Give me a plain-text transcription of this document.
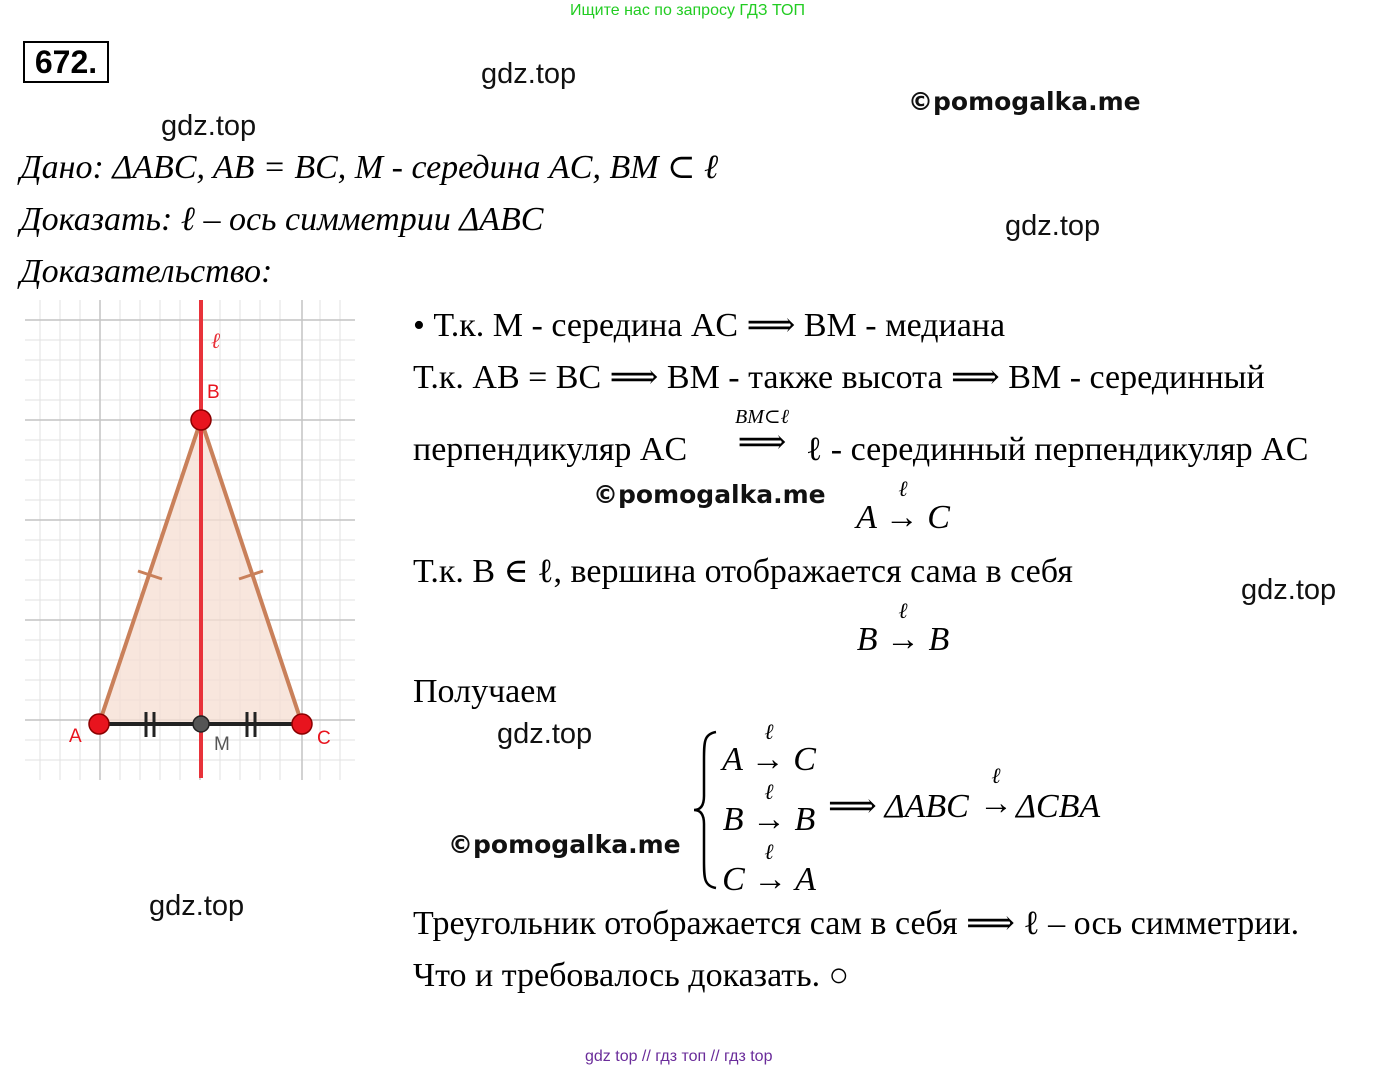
Ищите нас по запросу ГДЗ ТОП
672.	gdz.top
gdz.top
©pomogalka.me
gdz.top
©pomogalka.me
gdz.top
gdz.top
©pomogalka.me
gdz.top
Дано: ΔABC, AB = BC, M - середина AC, BM ⊂ ℓ
Доказать: ℓ – ось симметрии ΔABC
Доказательство:
ℓ
B
A	C
M
• Т.к. M - середина AC ⟹ BM - медиана
Т.к. AB = BC ⟹ BM - также высота ⟹ BM - серединный
перпендикуляр AC
BM⊂ℓ
⟹ ℓ - серединный перпендикуляр AC
ℓ
A → C
Т.к. B ∈ ℓ, вершина отображается сама в себя
ℓ
B → B
Получаем
ℓ
A → C
ℓ
B → B
ℓ
C → A
⟹ ΔABC
ℓ
→ ΔCBA
Треугольник отображается сам в себя ⟹ ℓ – ось симметрии.
Что и требовалось доказать. ○
gdz top // гдз топ // гдз top
